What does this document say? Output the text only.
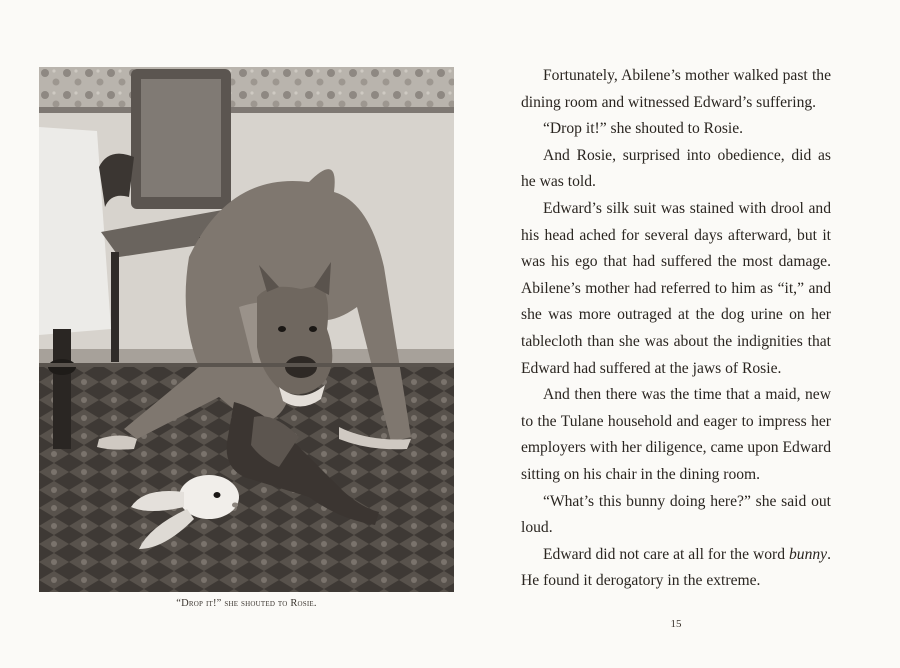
“Drop it!” she shouted to Rosie.

Fortunately, Abilene’s mother walked past the dining room and witnessed Edward’s suffering.

“Drop it!” she shouted to Rosie.

And Rosie, surprised into obedience, did as he was told.

Edward’s silk suit was stained with drool and his head ached for several days afterward, but it was his ego that had suffered the most damage. Abilene’s mother had referred to him as “it,” and she was more outraged at the dog urine on her tablecloth than she was about the indignities that Edward had suffered at the jaws of Rosie.

And then there was the time that a maid, new to the Tulane household and eager to impress her employers with her diligence, came upon Edward sitting on his chair in the dining room.

“What’s this bunny doing here?” she said out loud.

Edward did not care at all for the word bunny. He found it derogatory in the extreme.

15
